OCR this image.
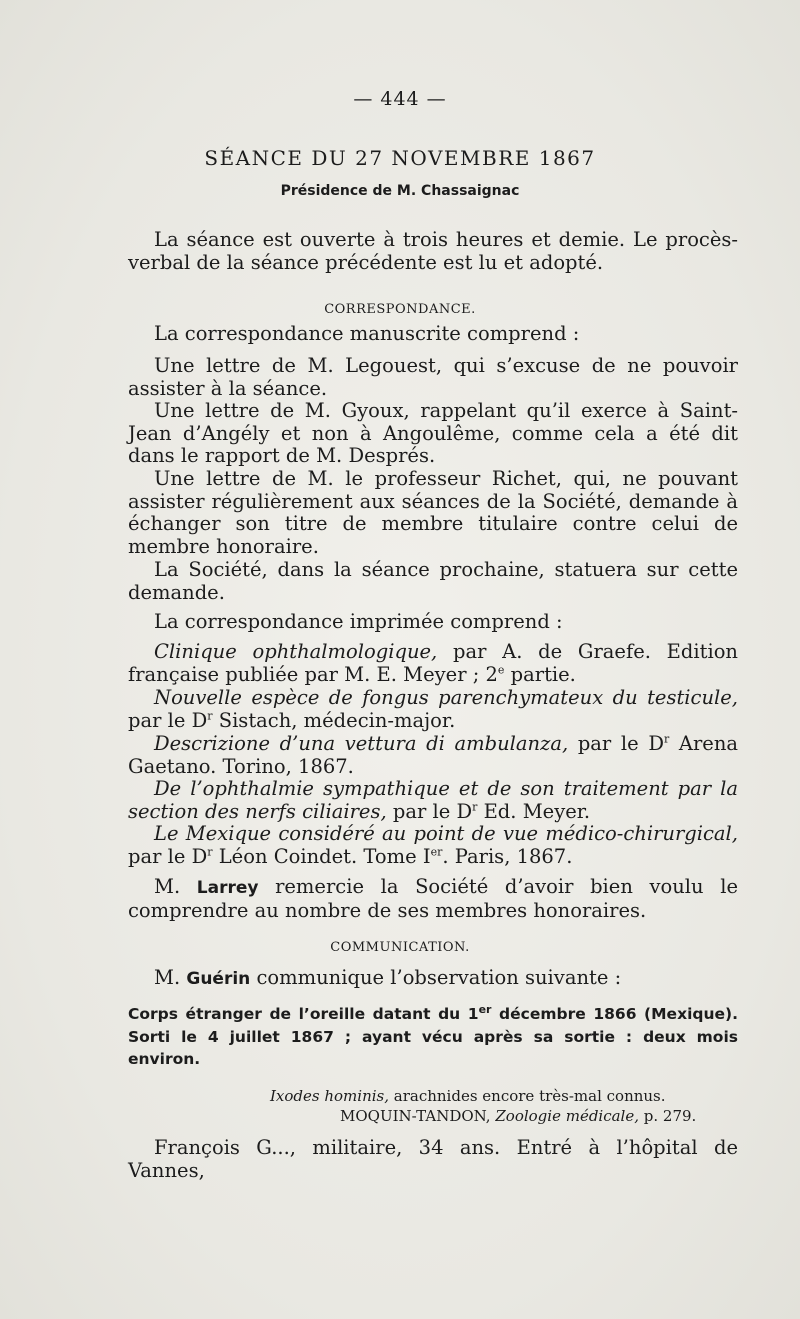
— 444 —
SÉANCE DU 27 NOVEMBRE 1867
Présidence de M. Chassaignac
La séance est ouverte à trois heures et demie. Le procès- verbal de la séance précédente est lu et adopté.
CORRESPONDANCE.

La correspondance manuscrite comprend :

Une lettre de M. Legouest, qui s’excuse de ne pouvoir assister à la séance.

Une lettre de M. Gyoux, rappelant qu’il exerce à Saint-Jean d’Angély et non à Angoulême, comme cela a été dit dans le rapport de M. Després.

Une lettre de M. le professeur Richet, qui, ne pouvant assister régulièrement aux séances de la Société, demande à échanger son titre de membre titulaire contre celui de membre honoraire.

La Société, dans la séance prochaine, statuera sur cette demande.

La correspondance imprimée comprend :

Clinique ophthalmologique, par A. de Graefe. Edition française publiée par M. E. Meyer ; 2e partie.

Nouvelle espèce de fongus parenchymateux du testicule, par le $D^r$ Sistach, médecin-major.

Descrizione d’una vettura di ambulanza, par le $D^r$ Arena Gaetano. Torino, 1867.

De l’ophthalmie sympathique et de son traitement par la section des nerfs ciliaires, par le $D^r$ Ed. Meyer.

Le Mexique considéré au point de vue médico-chirurgical, par le $D^r$ Léon Coindet. Tome Ier. Paris, 1867.

M. Larrey remercie la Société d’avoir bien voulu le comprendre au nombre de ses membres honoraires.

COMMUNICATION.

M. Guérin communique l’observation suivante :

Corps étranger de l’oreille datant du 1er décembre 1866 (Mexique). Sorti le 4 juillet 1867 ; ayant vécu après sa sortie : deux mois environ.
Ixodes hominis, arachnides encore très-mal connus.
MOQUIN-TANDON, Zoologie médicale, p. 279.

François G..., militaire, 34 ans. Entré à l’hôpital de Vannes,
